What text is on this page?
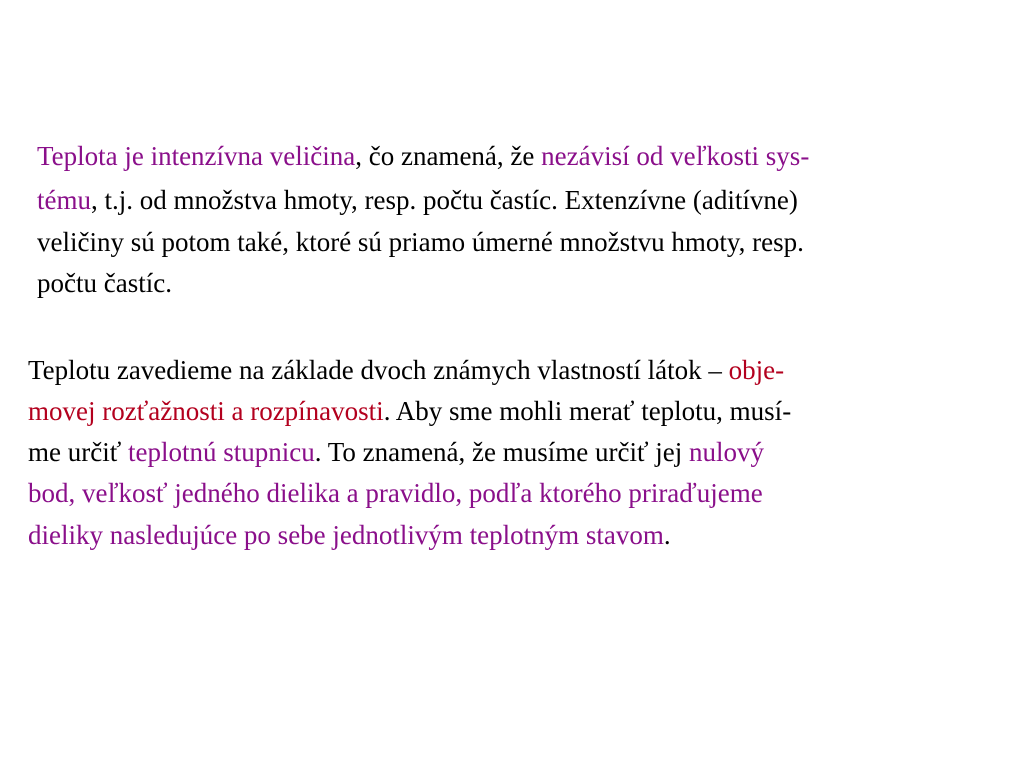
Teplota je intenzívna veličina, čo znamená, že nezávisí od veľkosti sys-
tému, t.j. od množstva hmoty, resp. počtu častíc. Extenzívne (aditívne)
veličiny sú potom také, ktoré sú priamo úmerné množstvu hmoty, resp.
počtu častíc.
Teplotu zavedieme na základe dvoch známych vlastností látok – obje-
movej rozťažnosti a rozpínavosti. Aby sme mohli merať teplotu, musí-
me určiť teplotnú stupnicu. To znamená, že musíme určiť jej nulový
bod, veľkosť jedného dielika a pravidlo, podľa ktorého priraďujeme
dieliky nasledujúce po sebe jednotlivým teplotným stavom.
